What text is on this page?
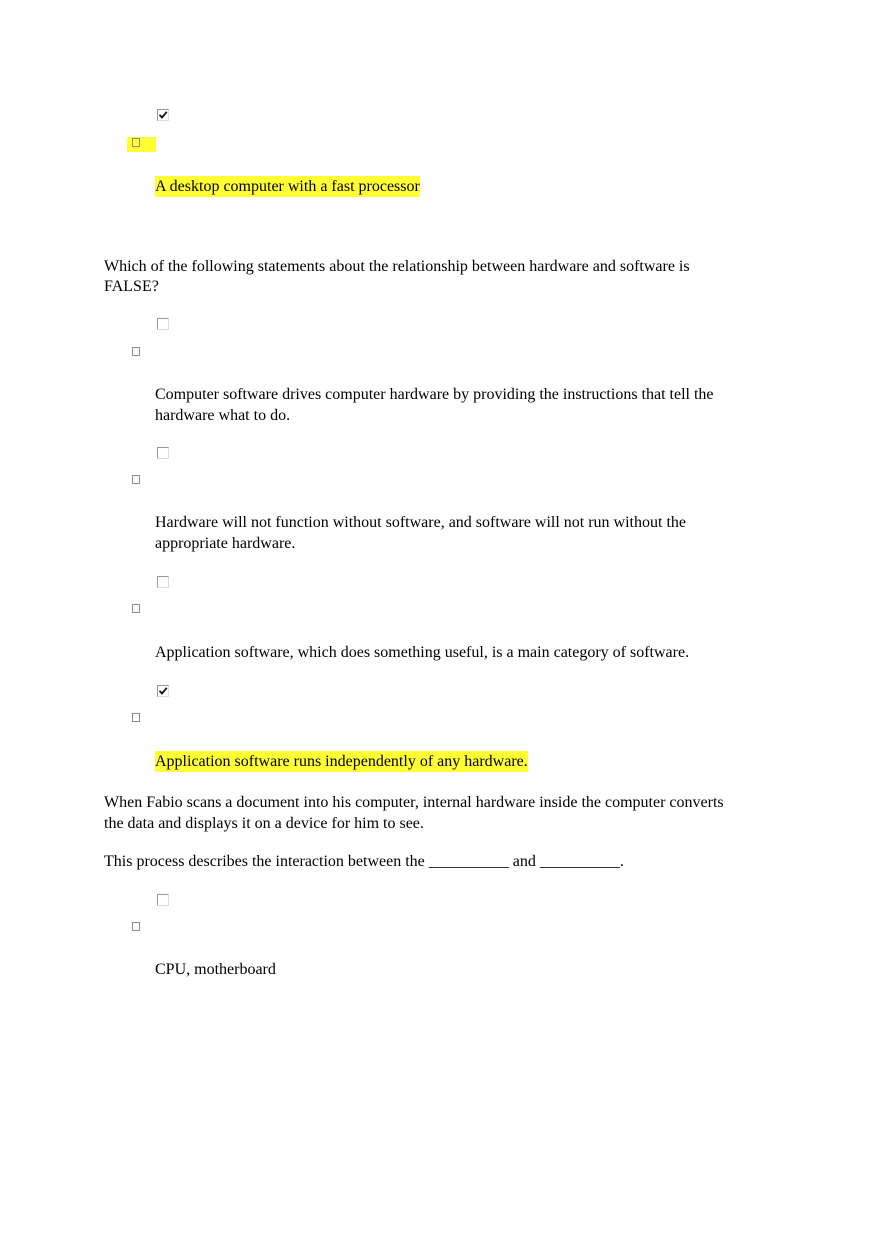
A desktop computer with a fast processor
Which of the following statements about the relationship between hardware and software is
FALSE?
Computer software drives computer hardware by providing the instructions that tell the
hardware what to do.
Hardware will not function without software, and software will not run without the
appropriate hardware.
Application software, which does something useful, is a main category of software.
Application software runs independently of any hardware.
When Fabio scans a document into his computer, internal hardware inside the computer converts
the data and displays it on a device for him to see.
This process describes the interaction between the __________ and __________.
CPU, motherboard
